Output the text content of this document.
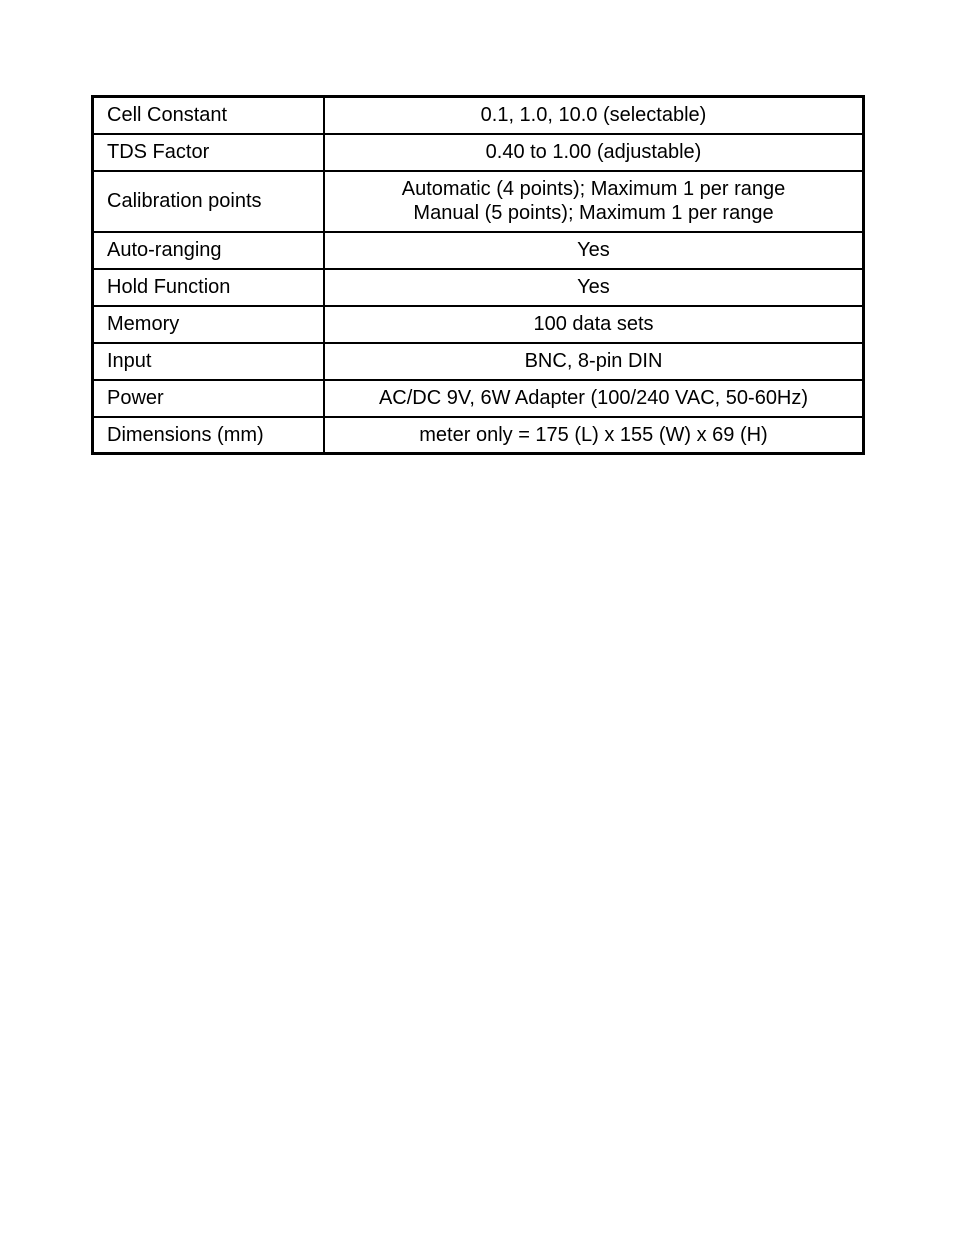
Cell Constant	0.1, 1.0, 10.0 (selectable)

TDS Factor	0.40 to 1.00 (adjustable)

Calibration points	Automatic (4 points); Maximum 1 per range
Manual (5 points); Maximum 1 per range

Auto-ranging	Yes

Hold Function	Yes

Memory	100 data sets

Input	BNC, 8-pin DIN

Power	AC/DC 9V, 6W Adapter (100/240 VAC, 50-60Hz)

Dimensions (mm)	meter only = 175 (L) x 155 (W) x 69 (H)
